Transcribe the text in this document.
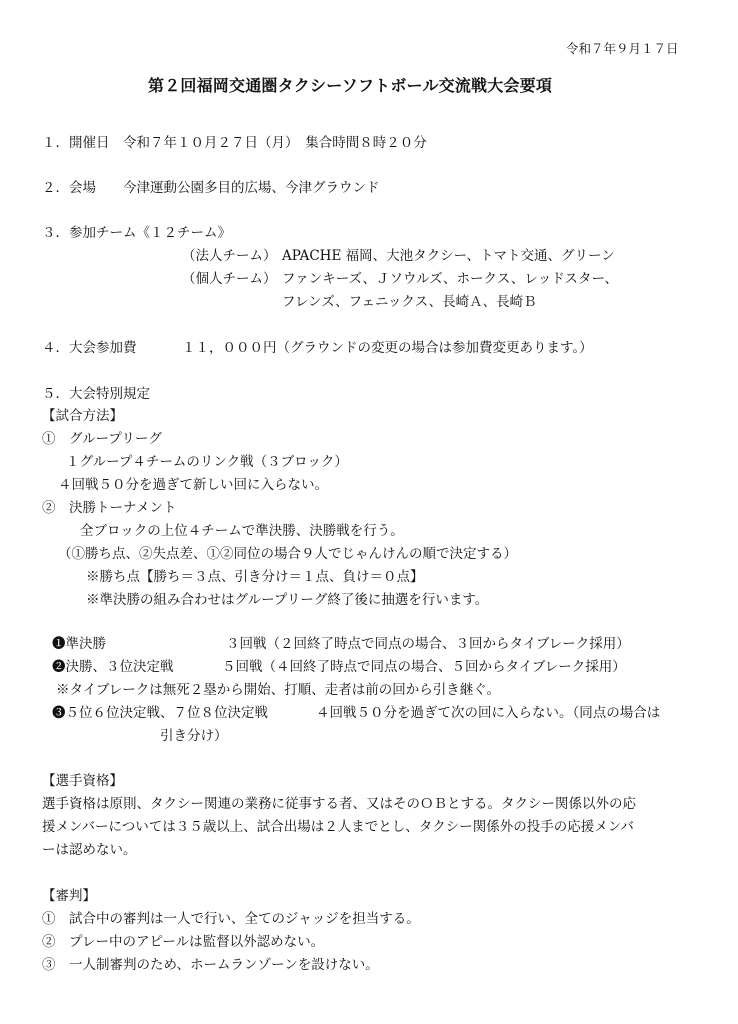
令和７年９月１７日
第２回福岡交通圏タクシーソフトボール交流戦大会要項
１．開催日　令和７年１０月２７日（月）　集合時間８時２０分
２．会場　　今津運動公園多目的広場、今津グラウンド
３．参加チーム《１２チーム》
（法人チーム） APACHE 福岡、大池タクシー、トマト交通、グリーン
（個人チーム） ファンキーズ、Ｊソウルズ、ホークス、レッドスター、
フレンズ、フェニックス、長崎Ａ、長崎Ｂ
４．大会参加費	１１，０００円（グラウンドの変更の場合は参加費変更あります。）
５．大会特別規定
【試合方法】
①　グループリーグ
１グループ４チームのリンク戦（３ブロック）
４回戦５０分を過ぎて新しい回に入らない。
②　決勝トーナメント
全ブロックの上位４チームで準決勝、決勝戦を行う。
（①勝ち点、②失点差、①②同位の場合９人でじゃんけんの順で決定する）
※勝ち点【勝ち＝３点、引き分け＝１点、負け＝０点】
※準決勝の組み合わせはグループリーグ終了後に抽選を行います。
❶準決勝	３回戦（２回終了時点で同点の場合、３回からタイブレーク採用）
❷決勝、３位決定戦	５回戦（４回終了時点で同点の場合、５回からタイブレーク採用）
※タイブレークは無死２塁から開始、打順、走者は前の回から引き継ぐ。
❸５位６位決定戦、７位８位決定戦	４回戦５０分を過ぎて次の回に入らない。（同点の場合は
引き分け）
【選手資格】
選手資格は原則、タクシー関連の業務に従事する者、又はそのＯＢとする。タクシー関係以外の応
援メンバーについては３５歳以上、試合出場は２人までとし、タクシー関係外の投手の応援メンバ
ーは認めない。
【審判】
①　試合中の審判は一人で行い、全てのジャッジを担当する。
②　プレー中のアピールは監督以外認めない。
③　一人制審判のため、ホームランゾーンを設けない。
